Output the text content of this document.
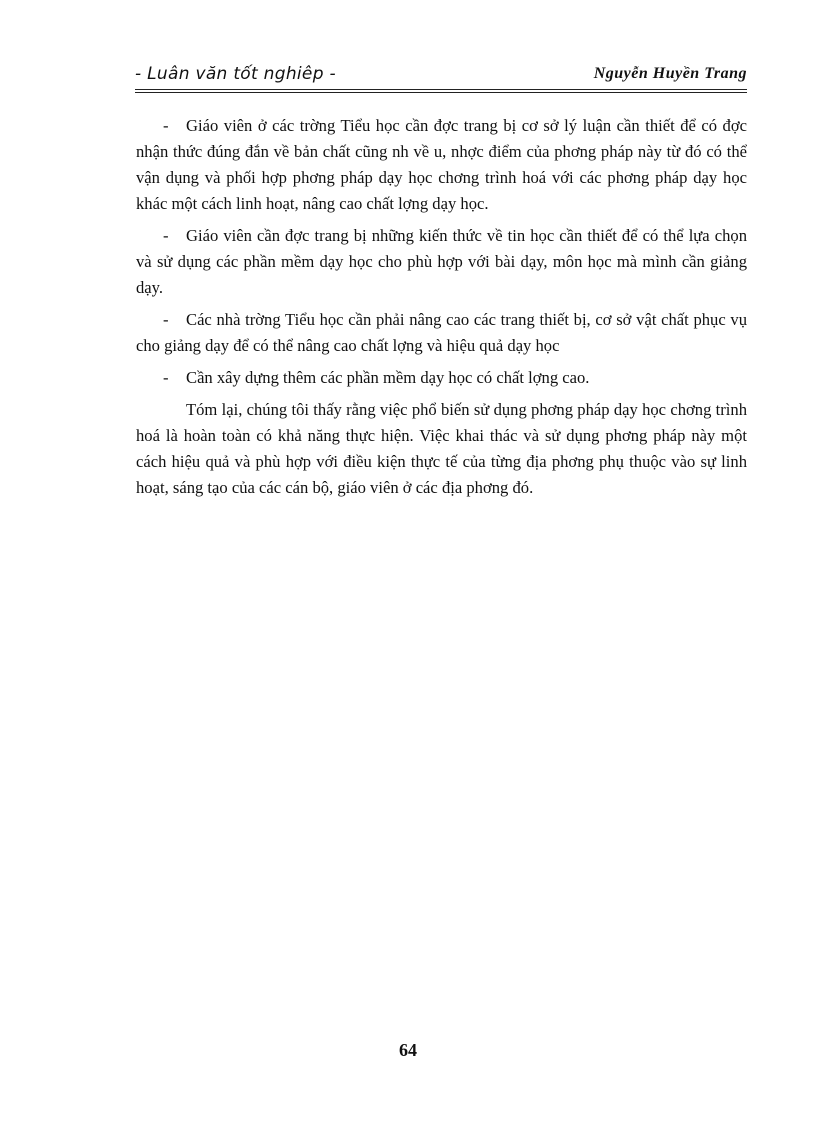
- Luân văn tốt nghiêp -	Nguyễn Huyền Trang

- Giáo viên ở các trờng Tiểu học cần đợc trang bị cơ sở lý luận cần thiết để có đợc nhận thức đúng đắn về bản chất cũng nh về u, nhợc điểm của phơng pháp này từ đó có thể vận dụng và phối hợp phơng pháp dạy học chơng trình hoá với các phơng pháp dạy học khác một cách linh hoạt, nâng cao chất lợng dạy học.

- Giáo viên cần đợc trang bị những kiến thức về tin học cần thiết để có thể lựa chọn và sử dụng các phần mềm dạy học cho phù hợp với bài dạy, môn học mà mình cần giảng dạy.

- Các nhà trờng Tiểu học cần phải nâng cao các trang thiết bị, cơ sở vật chất phục vụ cho giảng dạy để có thể nâng cao chất lợng và hiệu quả dạy học

- Cần xây dựng thêm các phần mềm dạy học có chất lợng cao.

Tóm lại, chúng tôi thấy rằng việc phổ biến sử dụng phơng pháp dạy học chơng trình hoá là hoàn toàn có khả năng thực hiện. Việc khai thác và sử dụng phơng pháp này một cách hiệu quả và phù hợp với điều kiện thực tế của từng địa phơng phụ thuộc vào sự linh hoạt, sáng tạo của các cán bộ, giáo viên ở các địa phơng đó.

64
